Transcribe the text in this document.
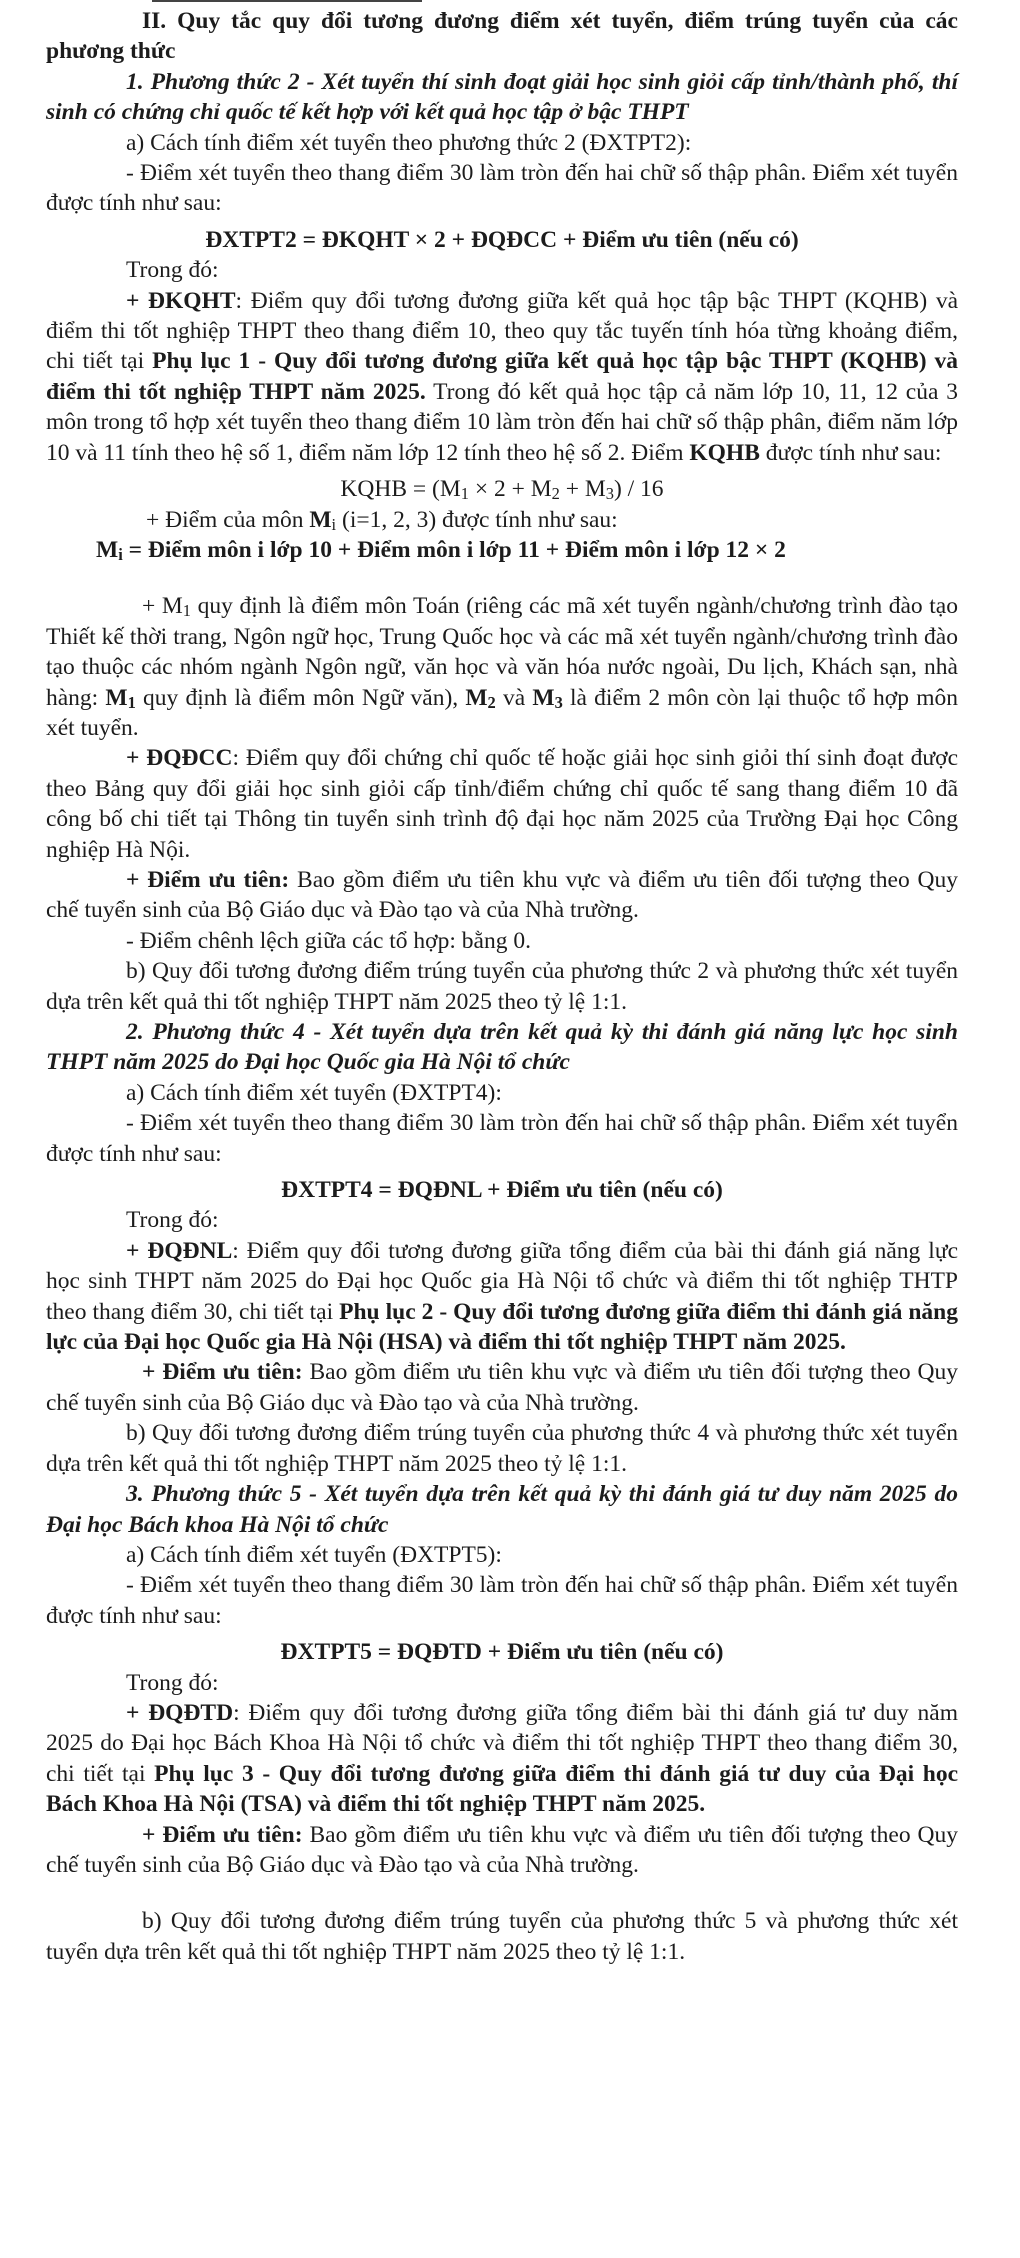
II. Quy tắc quy đổi tương đương điểm xét tuyển, điểm trúng tuyển của các phương thức

1. Phương thức 2 - Xét tuyển thí sinh đoạt giải học sinh giỏi cấp tỉnh/thành phố, thí sinh có chứng chỉ quốc tế kết hợp với kết quả học tập ở bậc THPT

a) Cách tính điểm xét tuyển theo phương thức 2 (ĐXTPT2):

- Điểm xét tuyển theo thang điểm 30 làm tròn đến hai chữ số thập phân. Điểm xét tuyển được tính như sau:

ĐXTPT2 = ĐKQHT × 2 + ĐQĐCC + Điểm ưu tiên (nếu có)

Trong đó:

+ ĐKQHT: Điểm quy đổi tương đương giữa kết quả học tập bậc THPT (KQHB) và điểm thi tốt nghiệp THPT theo thang điểm 10, theo quy tắc tuyến tính hóa từng khoảng điểm, chi tiết tại Phụ lục 1 - Quy đổi tương đương giữa kết quả học tập bậc THPT (KQHB) và điểm thi tốt nghiệp THPT năm 2025. Trong đó kết quả học tập cả năm lớp 10, 11, 12 của 3 môn trong tổ hợp xét tuyển theo thang điểm 10 làm tròn đến hai chữ số thập phân, điểm năm lớp 10 và 11 tính theo hệ số 1, điểm năm lớp 12 tính theo hệ số 2. Điểm KQHB được tính như sau:

KQHB = (M1 × 2 + M2 + M3) / 16

+ Điểm của môn Mi (i=1, 2, 3) được tính như sau:

Mi = Điểm môn i lớp 10 + Điểm môn i lớp 11 + Điểm môn i lớp 12 × 2

+ M1 quy định là điểm môn Toán (riêng các mã xét tuyển ngành/chương trình đào tạo Thiết kế thời trang, Ngôn ngữ học, Trung Quốc học và các mã xét tuyển ngành/chương trình đào tạo thuộc các nhóm ngành Ngôn ngữ, văn học và văn hóa nước ngoài, Du lịch, Khách sạn, nhà hàng: M1 quy định là điểm môn Ngữ văn), M2 và M3 là điểm 2 môn còn lại thuộc tổ hợp môn xét tuyển.

+ ĐQĐCC: Điểm quy đổi chứng chỉ quốc tế hoặc giải học sinh giỏi thí sinh đoạt được theo Bảng quy đổi giải học sinh giỏi cấp tỉnh/điểm chứng chỉ quốc tế sang thang điểm 10 đã công bố chi tiết tại Thông tin tuyển sinh trình độ đại học năm 2025 của Trường Đại học Công nghiệp Hà Nội.

+ Điểm ưu tiên: Bao gồm điểm ưu tiên khu vực và điểm ưu tiên đối tượng theo Quy chế tuyển sinh của Bộ Giáo dục và Đào tạo và của Nhà trường.

- Điểm chênh lệch giữa các tổ hợp: bằng 0.

b) Quy đổi tương đương điểm trúng tuyển của phương thức 2 và phương thức xét tuyển dựa trên kết quả thi tốt nghiệp THPT năm 2025 theo tỷ lệ 1:1.

2. Phương thức 4 - Xét tuyển dựa trên kết quả kỳ thi đánh giá năng lực học sinh THPT năm 2025 do Đại học Quốc gia Hà Nội tổ chức

a) Cách tính điểm xét tuyển (ĐXTPT4):

- Điểm xét tuyển theo thang điểm 30 làm tròn đến hai chữ số thập phân. Điểm xét tuyển được tính như sau:

ĐXTPT4 = ĐQĐNL + Điểm ưu tiên (nếu có)

Trong đó:

+ ĐQĐNL: Điểm quy đổi tương đương giữa tổng điểm của bài thi đánh giá năng lực học sinh THPT năm 2025 do Đại học Quốc gia Hà Nội tổ chức và điểm thi tốt nghiệp THTP theo thang điểm 30, chi tiết tại Phụ lục 2 - Quy đổi tương đương giữa điểm thi đánh giá năng lực của Đại học Quốc gia Hà Nội (HSA) và điểm thi tốt nghiệp THPT năm 2025.

+ Điểm ưu tiên: Bao gồm điểm ưu tiên khu vực và điểm ưu tiên đối tượng theo Quy chế tuyển sinh của Bộ Giáo dục và Đào tạo và của Nhà trường.

b) Quy đổi tương đương điểm trúng tuyển của phương thức 4 và phương thức xét tuyển dựa trên kết quả thi tốt nghiệp THPT năm 2025 theo tỷ lệ 1:1.

3. Phương thức 5 - Xét tuyển dựa trên kết quả kỳ thi đánh giá tư duy năm 2025 do Đại học Bách khoa Hà Nội tổ chức

a) Cách tính điểm xét tuyển (ĐXTPT5):

- Điểm xét tuyển theo thang điểm 30 làm tròn đến hai chữ số thập phân. Điểm xét tuyển được tính như sau:

ĐXTPT5 = ĐQĐTD + Điểm ưu tiên (nếu có)

Trong đó:

+ ĐQĐTD: Điểm quy đổi tương đương giữa tổng điểm bài thi đánh giá tư duy năm 2025 do Đại học Bách Khoa Hà Nội tổ chức và điểm thi tốt nghiệp THPT theo thang điểm 30, chi tiết tại Phụ lục 3 - Quy đổi tương đương giữa điểm thi đánh giá tư duy của Đại học Bách Khoa Hà Nội (TSA) và điểm thi tốt nghiệp THPT năm 2025.

+ Điểm ưu tiên: Bao gồm điểm ưu tiên khu vực và điểm ưu tiên đối tượng theo Quy chế tuyển sinh của Bộ Giáo dục và Đào tạo và của Nhà trường.

b) Quy đổi tương đương điểm trúng tuyển của phương thức 5 và phương thức xét tuyển dựa trên kết quả thi tốt nghiệp THPT năm 2025 theo tỷ lệ 1:1.
